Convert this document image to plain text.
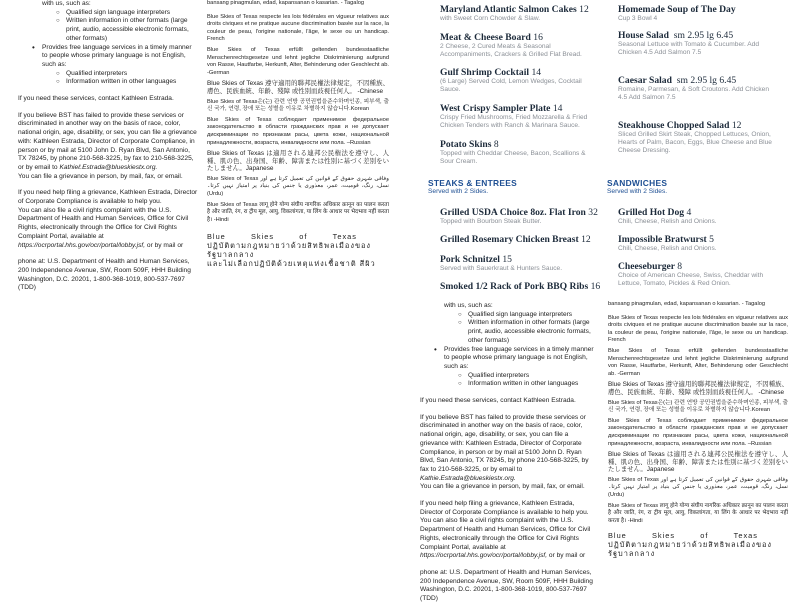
with us, such as:

○ Qualified sign language interpreters
○ Written information in other formats (large print, audio, accessible electronic formats, other formats)
• Provides free language services in a timely manner to people whose primary language is not English, such as:
○ Qualified interpreters
○ Information written in other languages

If you need these services, contact Kathleen Estrada.

If you believe BST has failed to provide these services or discriminated in another way on the basis of race, color, national origin, age, disability, or sex, you can file a grievance with: Kathleen Estrada, Director of Corporate Compliance, in person or by mail at 5100 John D. Ryan Blvd, San Antonio, TX 78245, by phone 210-568-3225, by fax to 210-568-3225, or by email to Kathieℓ.Estrada@blueskiestx.org.

You can file a grievance in person, by mail, fax, or email.

If you need help filing a grievance, Kathleen Estrada, Director of Corporate Compliance is available to help you.

You can also file a civil rights complaint with the U.S. Department of Health and Human Services, Office for Civil Rights, electronically through the Office for Civil Rights Complaint Portal, available at
https://ocrportal.hhs.gov/ocr/portal/lobby.jsf, or by mail or

phone at: U.S. Department of Health and Human Services, 200 Independence Avenue, SW, Room 509F, HHH Building Washington, D.C. 20201, 1-800-368-1019, 800-537-7697 (TDD)

bansang pinagmulan, edad, kapansanan o kasarian. - Tagalog

Blue Skies of Texas respecte les lois fédérales en vigueur relatives aux droits civiques et ne pratique aucune discrimination basée sur la race, la couleur de peau, l'origine nationale, l'âge, le sexe ou un handicap. French

Blue Skies of Texas erfüllt geltenden bundesstaatliche Menschenrechtsgesetze und lehnt jegliche Diskriminierung aufgrund von Rasse, Hautfarbe, Herkunft, Alter, Behinderung oder Geschlecht ab. -German

Blue Skies of Texas 遵守適用的聯邦民權法律規定，不因種族、膚色、民族血統、年齡、殘障 或性別而歧視任何人。 -Chinese

Blue Skies of Texas은(는) 관련 연방 공민권법을준수하며인종, 피부색, 출신 국가, 연령, 장애 또는 성별을 이유로 차별하지 않습니다.Korean

Blue Skies of Texas соблюдает применимое федеральное законодательство в области гражданских прав и не допускает дискриминации по признакам расы, цвета кожи, национальной принадлежности, возраста, инвалидности или пола. –Russian

Blue Skies of Texas は適用される連邦公民権法を遵守し、人種、肌の色、出身国、年齢、障害または性別に基づく差別をいたしません。Japanese

Blue Skies of Texas وفاقی شہری حقوق کے قوانین کی تعمیل کرتا ہے اور نسل، رنگ، قومیت، عمر، معذوری یا جنس کی بنیاد پر امتیاز نہیں کرتا۔ (Urdu)

Blue Skies of Texas लागू होने योग्य संघीय नागरिक अधिकार क़ानून का पालन करता है और जाति, रंग, रा ट्रीय मूल, आयु, विकलांगता, या लिंग के आधार पर भेदभाव नहीं करता है। -Hindi

Blue	Skies	of	Texas
ปฏิบัติตามกฎหมายว่าด้วยสิทธิพลเมืองของรัฐบาลกลาง
และไม่เลือกปฏิบัติด้วยเหตุแห่งเชื้อชาติ สีผิว
Maryland Atlantic Salmon Cakes 12
with Sweet Corn Chowder & Slaw.
Meat & Cheese Board 16
2 Cheese, 2 Cured Meats & Seasonal Accompaniments, Crackers & Grilled Flat Bread.
Gulf Shrimp Cocktail 14
(6 Large) Served Cold, Lemon Wedges, Cocktail Sauce.
West Crispy Sampler Plate 14
Crispy Fried Mushrooms, Fried Mozzarella & Fried Chicken Tenders with Ranch & Marinara Sauce.
Potato Skins 8
Topped with Cheddar Cheese, Bacon, Scallions & Sour Cream.
Homemade Soup of The Day
Cup 3 Bowl 4
House Salad sm 2.95 lg 6.45
Seasonal Lettuce with Tomato & Cucumber. Add Chicken 4.5 Add Salmon 7.5
Caesar Salad sm 2.95 lg 6.45
Romaine, Parmesan, & Soft Croutons. Add Chicken 4.5 Add Salmon 7.5
Steakhouse Chopped Salad 12
Sliced Grilled Skirt Steak, Chopped Lettuces, Onion, Hearts of Palm, Bacon, Eggs, Blue Cheese and Blue Cheese Dressing.
STEAKS & ENTREES
Served with 2 Sides.
Grilled USDA Choice 8oz. Flat Iron 32
Topped with Bourbon Steak Butter.
Grilled Rosemary Chicken Breast 12
Pork Schnitzel 15
Served with Sauerkraut & Hunters Sauce.
Smoked 1/2 Rack of Pork BBQ Ribs 16
SANDWICHES
Served with 2 Sides.
Grilled Hot Dog 4
Chili, Cheese, Relish and Onions.
Impossible Bratwurst 5
Chili, Cheese, Relish and Onions.
Cheeseburger 8
Choice of American Cheese, Swiss, Cheddar with Lettuce, Tomato, Pickles & Red Onion.

with us, such as:

○ Qualified sign language interpreters
○ Written information in other formats (large print, audio, accessible electronic formats, other formats)
• Provides free language services in a timely manner to people whose primary language is not English, such as:
○ Qualified interpreters
○ Information written in other languages

If you need these services, contact Kathleen Estrada.

If you believe BST has failed to provide these services or discriminated in another way on the basis of race, color, national origin, age, disability, or sex, you can file a grievance with: Kathleen Estrada, Director of Corporate Compliance, in person or by mail at 5100 John D. Ryan Blvd, San Antonio, TX 78245, by phone 210-568-3225, by fax to 210-568-3225, or by email to Kathie.Estrada@blueskiestx.org.

You can file a grievance in person, by mail, fax, or email.

If you need help filing a grievance, Kathleen Estrada, Director of Corporate Compliance is available to help you.

You can also file a civil rights complaint with the U.S. Department of Health and Human Services, Office for Civil Rights, electronically through the Office for Civil Rights Complaint Portal, available at
https://ocrportal.hhs.gov/ocr/portal/lobby.jsf, or by mail or

phone at: U.S. Department of Health and Human Services, 200 Independence Avenue, SW, Room 509F, HHH Building Washington, D.C. 20201, 1-800-368-1019, 800-537-7697 (TDD)

bansang pinagmulan, edad, kapansanan o kasarian. - Tagalog

Blue Skies of Texas respecte les lois fédérales en vigueur relatives aux droits civiques et ne pratique aucune discrimination basée sur la race, la couleur de peau, l'origine nationale, l'âge, le sexe ou un handicap. French

Blue Skies of Texas erfüllt geltenden bundesstaatliche Menschenrechtsgesetze und lehnt jegliche Diskriminierung aufgrund von Rasse, Hautfarbe, Herkunft, Alter, Behinderung oder Geschlecht ab. -German

Blue Skies of Texas 遵守適用的聯邦民權法律規定，不因種族、膚色、民族血統、年齡、殘障 或性別而歧視任何人。 -Chinese

Blue Skies of Texas은(는) 관련 연방 공민권법을준수하며인종, 피부색, 출신 국가, 연령, 장애 또는 성별을 이유로 차별하지 않습니다.Korean

Blue Skies of Texas соблюдает применимое федеральное законодательство в области гражданских прав и не допускает дискриминации по признакам расы, цвета кожи, национальной принадлежности, возраста, инвалидности или пола. –Russian

Blue Skies of Texas は適用される連邦公民権法を遵守し、人種、肌の色、出身国、年齢、障害または性別に基づく差別をいたしません。Japanese

Blue Skies of Texas وفاقی شہری حقوق کے قوانین کی تعمیل کرتا ہے اور نسل، رنگ، قومیت، عمر، معذوری یا جنس کی بنیاد پر امتیاز نہیں کرتا۔ (Urdu)

Blue Skies of Texas लागू होने योग्य संघीय नागरिक अधिकार क़ानून का पालन करता है और जाति, रंग, रा ट्रीय मूल, आयु, विकलांगता, या लिंग के आधार पर भेदभाव नहीं करता है। -Hindi

Blue	Skies	of	Texas
ปฏิบัติตามกฎหมายว่าด้วยสิทธิพลเมืองของรัฐบาลกลาง
